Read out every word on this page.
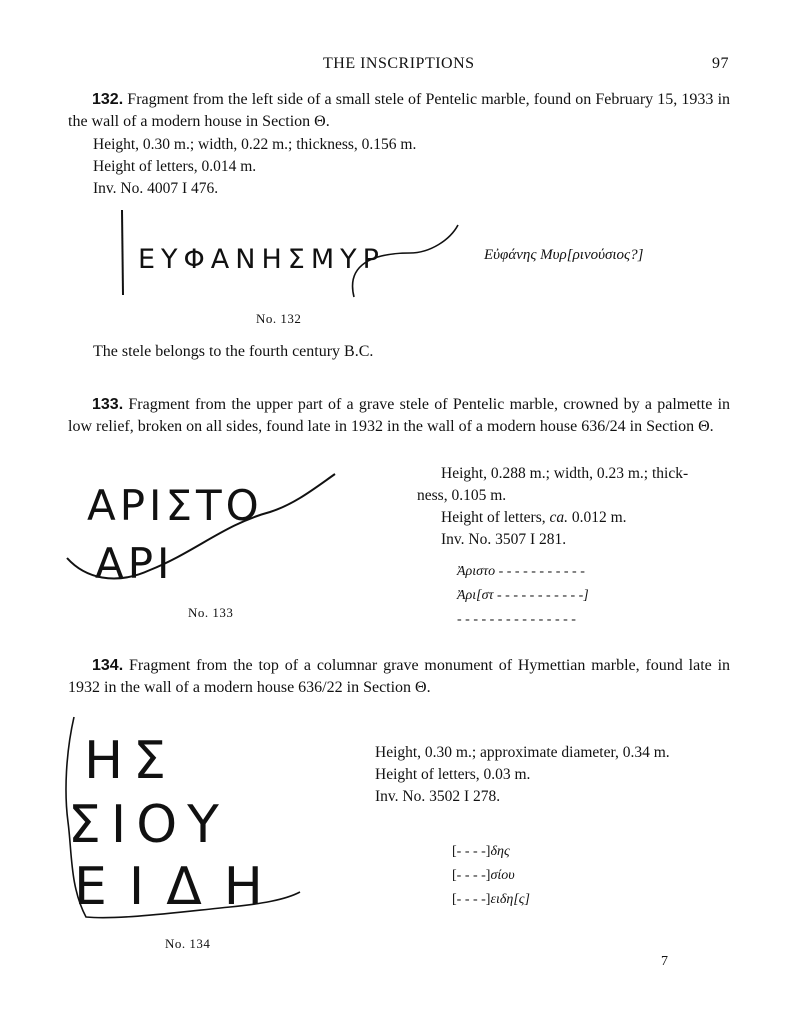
THE INSCRIPTIONS	97

132. Fragment from the left side of a small stele of Pentelic marble, found on February 15, 1933 in the wall of a modern house in Section Θ.

Height, 0.30 m.; width, 0.22 m.; thickness, 0.156 m.
Height of letters, 0.014 m.
Inv. No. 4007 I 476.
ΕΥΦΑΝΗΣΜΥΡ	Εὐφάνης Μυρ[ρινούσιος?]
No. 132
The stele belongs to the fourth century B.C.

133. Fragment from the upper part of a grave stele of Pentelic marble, crowned by a palmette in low relief, broken on all sides, found late in 1932 in the wall of a modern house 636/24 in Section Θ.

ΑΡΙΣΤΟ
ΑΡΙ
No. 133
Height, 0.288 m.; width, 0.23 m.; thick-
ness, 0.105 m.
Height of letters, ca. 0.012 m.
Inv. No. 3507 I 281.
Ἀριστο - - - - - - - - - - -
Ἀρι[στ - - - - - - - - - - -]
- - - - - - - - - - - - - - -

134. Fragment from the top of a columnar grave monument of Hymettian marble, found late in 1932 in the wall of a modern house 636/22 in Section Θ.

ΗΣ
ΣΙΟΥ
ΕΙΔΗ
No. 134
Height, 0.30 m.; approximate diameter, 0.34 m.
Height of letters, 0.03 m.
Inv. No. 3502 I 278.
[- - - -]δης
[- - - -]σίου
[- - - -]ειδη[ς]
7
